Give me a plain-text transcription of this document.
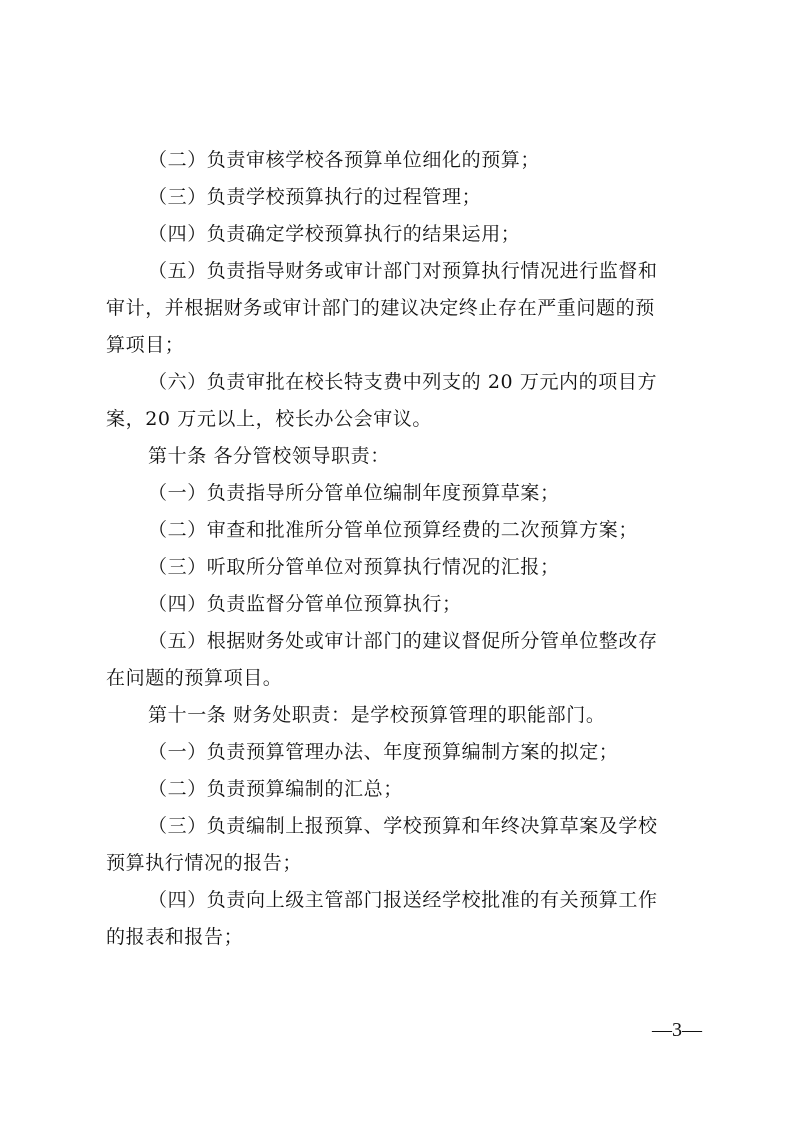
（二）负责审核学校各预算单位细化的预算；
（三）负责学校预算执行的过程管理；
（四）负责确定学校预算执行的结果运用；
（五）负责指导财务或审计部门对预算执行情况进行监督和
审计，并根据财务或审计部门的建议决定终止存在严重问题的预
算项目；
（六）负责审批在校长特支费中列支的 20 万元内的项目方
案，20 万元以上，校长办公会审议。
第十条 各分管校领导职责：
（一）负责指导所分管单位编制年度预算草案；
（二）审查和批准所分管单位预算经费的二次预算方案；
（三）听取所分管单位对预算执行情况的汇报；
（四）负责监督分管单位预算执行；
（五）根据财务处或审计部门的建议督促所分管单位整改存
在问题的预算项目。
第十一条 财务处职责：是学校预算管理的职能部门。
（一）负责预算管理办法、年度预算编制方案的拟定；
（二）负责预算编制的汇总；
（三）负责编制上报预算、学校预算和年终决算草案及学校
预算执行情况的报告；
（四）负责向上级主管部门报送经学校批准的有关预算工作
的报表和报告；
—3—
